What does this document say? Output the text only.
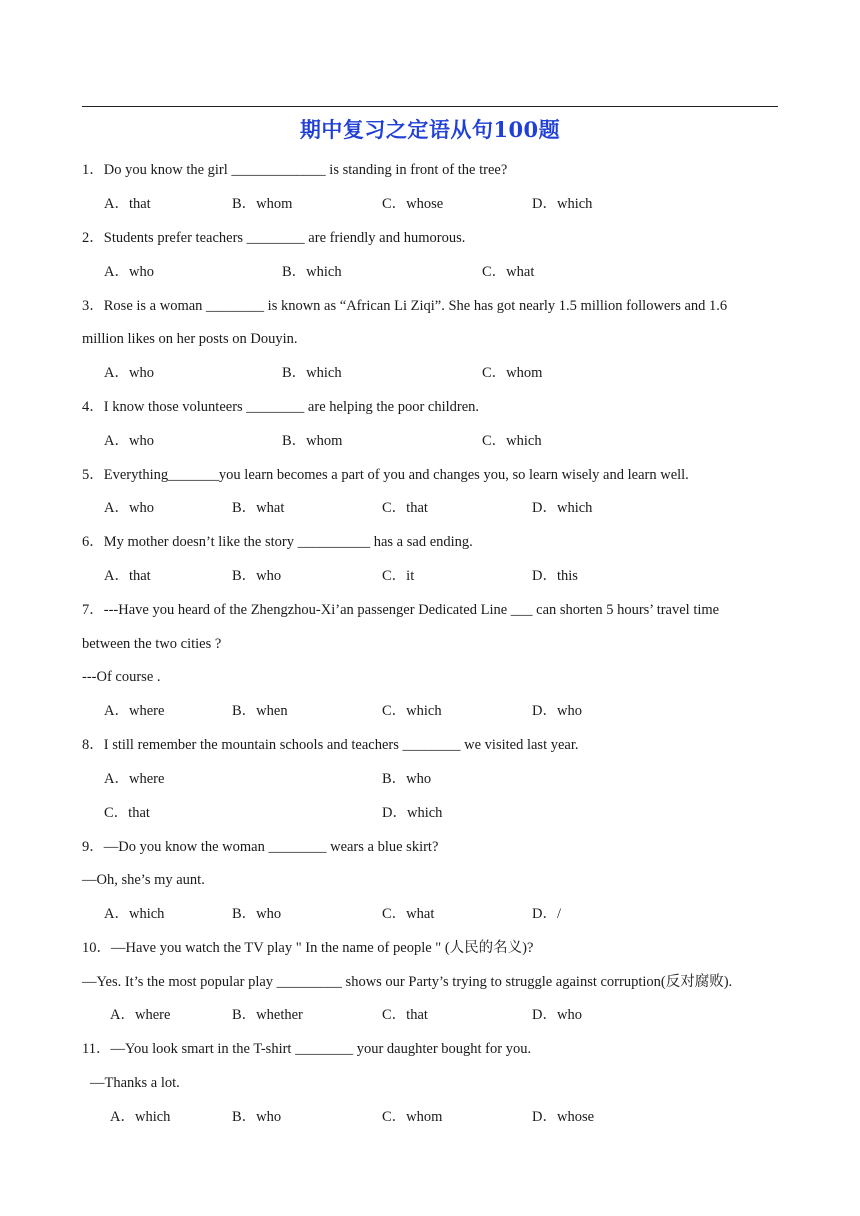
期中复习之定语从句100题
1．Do you know the girl _____________ is standing in front of the tree?
A．that	B．whom	C．whose	D．which
2．Students prefer teachers ________ are friendly and humorous.
A．who	B．which	C．what
3．Rose is a woman ________ is known as “African Li Ziqi”. She has got nearly 1.5 million followers and 1.6
million likes on her posts on Douyin.
A．who	B．which	C．whom
4．I know those volunteers ________ are helping the poor children.
A．who	B．whom	C．which
5．Everything_______you learn becomes a part of you and changes you, so learn wisely and learn well.
A．who	B．what	C．that	D．which
6．My mother doesn’t like the story __________ has a sad ending.
A．that	B．who	C．it	D．this
7．---Have you heard of the Zhengzhou-Xi’an passenger Dedicated Line ___ can shorten 5 hours’ travel time
between the two cities ?
---Of course .
A．where	B．when	C．which	D．who
8．I still remember the mountain schools and teachers ________ we visited last year.
A．where	B．who
C．that	D．which
9．—Do you know the woman ________ wears a blue skirt?
—Oh, she’s my aunt.
A．which	B．who	C．what	D．/
10．—Have you watch the TV play " In the name of people " (人民的名义)?
—Yes. It’s the most popular play _________ shows our Party’s trying to struggle against corruption(反对腐败).
A．where	B．whether	C．that	D．who
11．—You look smart in the T-shirt ________ your daughter bought for you.
—Thanks a lot.
A．which	B．who	C．whom	D．whose
